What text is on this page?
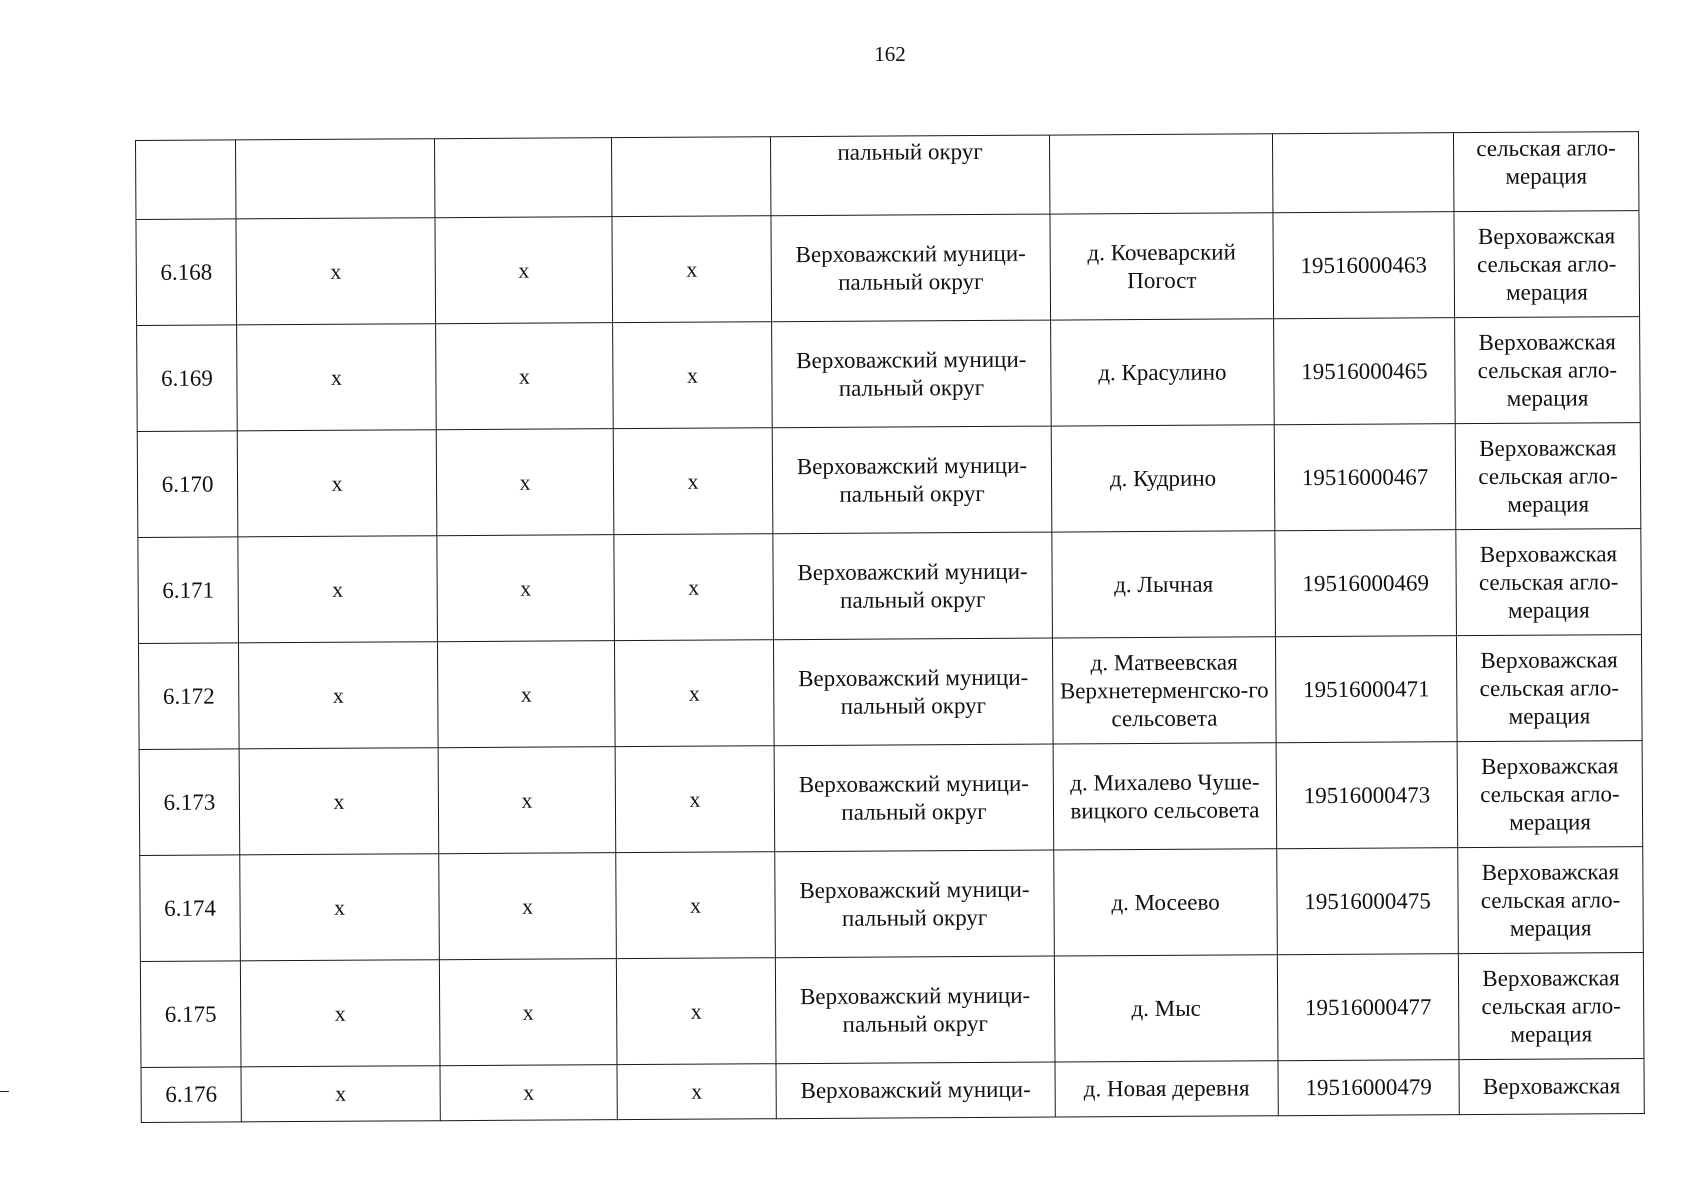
162
				пальный округ			сельская агло-мерация
6.168	x	x	x	Верховажский муници-пальный округ	д. Кочеварский Погост	19516000463	Верховажская сельская агло-мерация
6.169	x	x	x	Верховажский муници-пальный округ	д. Красулино	19516000465	Верховажская сельская агло-мерация
6.170	x	x	x	Верховажский муници-пальный округ	д. Кудрино	19516000467	Верховажская сельская агло-мерация
6.171	x	x	x	Верховажский муници-пальный округ	д. Лычная	19516000469	Верховажская сельская агло-мерация
6.172	x	x	x	Верховажский муници-пальный округ	д. Матвеевская Верхнетерменгско-го сельсовета	19516000471	Верховажская сельская агло-мерация
6.173	x	x	x	Верховажский муници-пальный округ	д. Михалево Чуше-вицкого сельсовета	19516000473	Верховажская сельская агло-мерация
6.174	x	x	x	Верховажский муници-пальный округ	д. Мосеево	19516000475	Верховажская сельская агло-мерация
6.175	x	x	x	Верховажский муници-пальный округ	д. Мыс	19516000477	Верховажская сельская агло-мерация
6.176	x	x	x	Верховажский муници-	д. Новая деревня	19516000479	Верховажская
